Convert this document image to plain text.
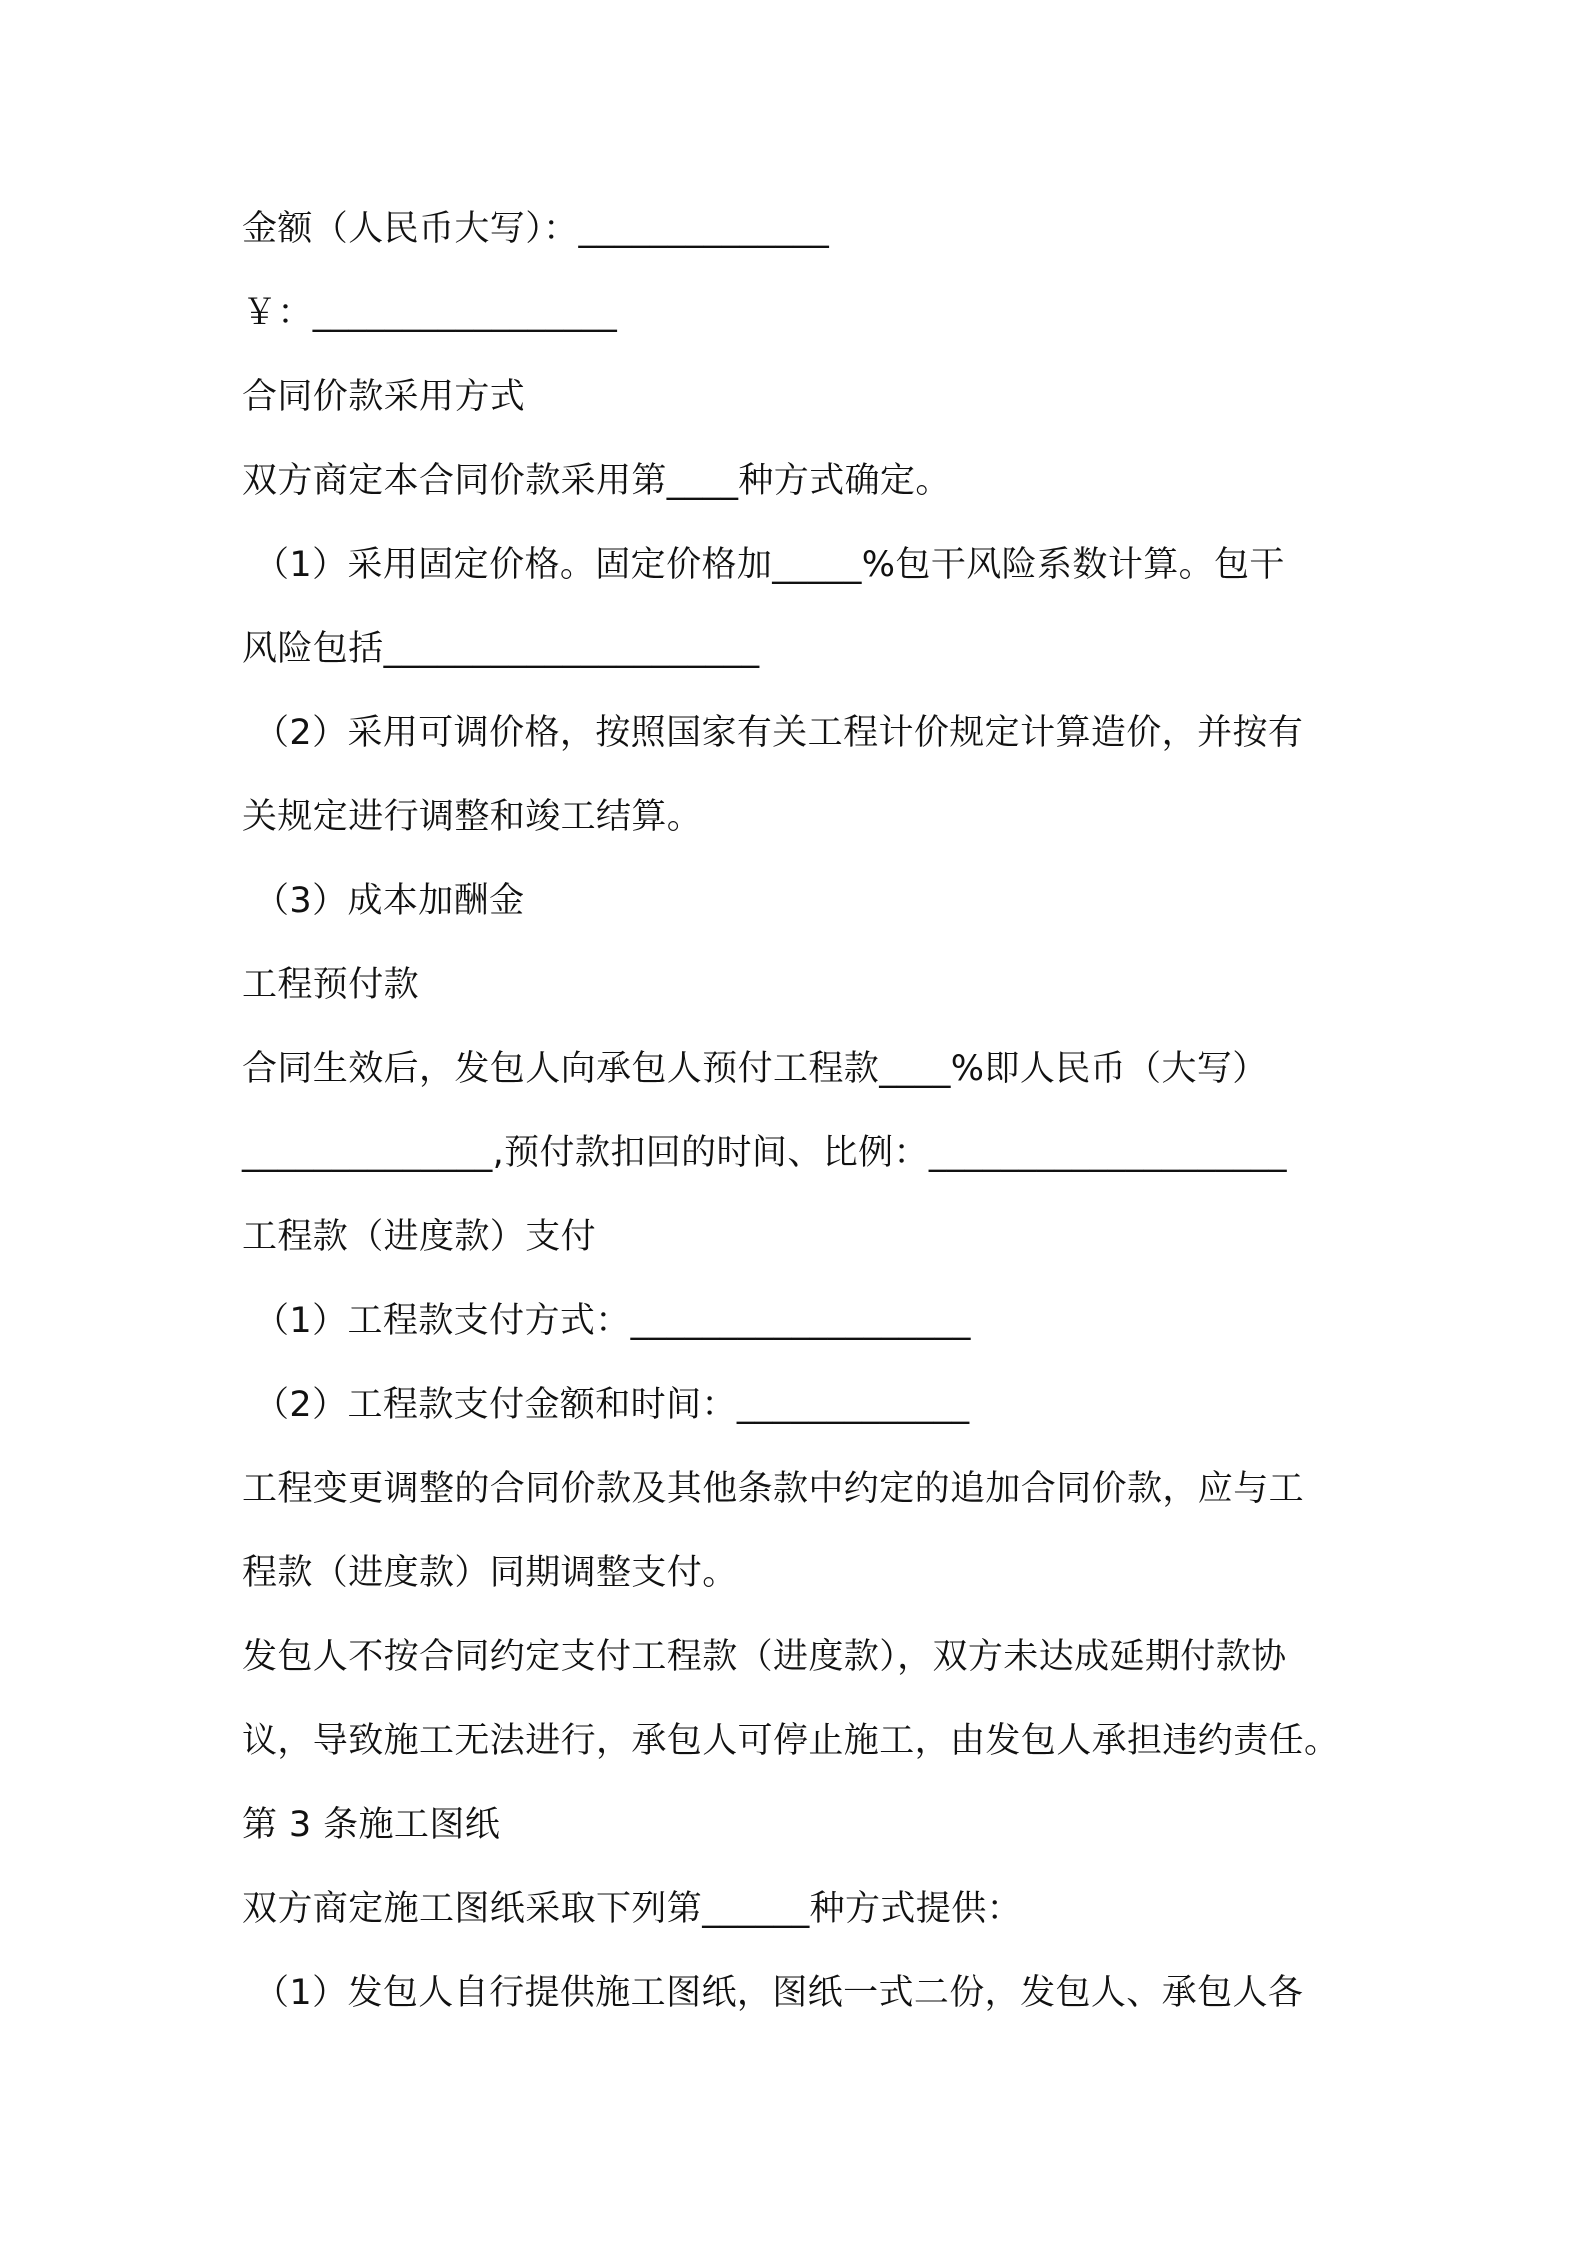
金额（人民币大写）：______________
￥：_________________
合同价款采用方式
双方商定本合同价款采用第____种方式确定。
（1）采用固定价格。固定价格加_____%包干风险系数计算。包干
风险包括_____________________
（2）采用可调价格，按照国家有关工程计价规定计算造价，并按有
关规定进行调整和竣工结算。
（3）成本加酬金
工程预付款
合同生效后，发包人向承包人预付工程款____%即人民币（大写）
______________,预付款扣回的时间、比例：____________________
工程款（进度款）支付
（1）工程款支付方式：___________________
（2）工程款支付金额和时间：_____________
工程变更调整的合同价款及其他条款中约定的追加合同价款，应与工
程款（进度款）同期调整支付。
发包人不按合同约定支付工程款（进度款），双方未达成延期付款协
议，导致施工无法进行，承包人可停止施工，由发包人承担违约责任。
第 3 条施工图纸
双方商定施工图纸采取下列第______种方式提供：
（1）发包人自行提供施工图纸，图纸一式二份，发包人、承包人各
